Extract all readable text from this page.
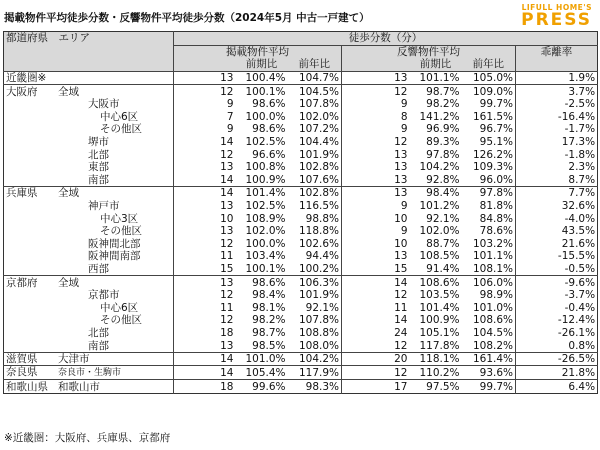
掲載物件平均徒歩分数・反響物件平均徒歩分数（2024年5月 中古一戸建て）
LIFULL HOME'S
PRESS
都道府県　エリア	徒歩分数（分）						
	掲載物件平均			反響物件平均			乖離率
		前期比	前年比		前期比	前年比	
近畿圏※	13	100.4%	104.7%	13	101.1%	105.0%	1.9%
大阪府 全域	12	100.1%	104.5%	12	98.7%	109.0%	3.7%
大阪市	9	98.6%	107.8%	9	98.2%	99.7%	-2.5%
中心6区	7	100.0%	102.0%	8	141.2%	161.5%	-16.4%
その他区	9	98.6%	107.2%	9	96.9%	96.7%	-1.7%
堺市	14	102.5%	104.4%	12	89.3%	95.1%	17.3%
北部	12	96.6%	101.9%	13	97.8%	126.2%	-1.8%
東部	13	100.8%	102.8%	13	104.2%	109.3%	2.3%
南部	14	100.9%	107.6%	13	92.8%	96.0%	8.7%
兵庫県 全域	14	101.4%	102.8%	13	98.4%	97.8%	7.7%
神戸市	13	102.5%	116.5%	9	101.2%	81.8%	32.6%
中心3区	10	108.9%	98.8%	10	92.1%	84.8%	-4.0%
その他区	13	102.0%	118.8%	9	102.0%	78.6%	43.5%
阪神間北部	12	100.0%	102.6%	10	88.7%	103.2%	21.6%
阪神間南部	11	103.4%	94.4%	13	108.5%	101.1%	-15.5%
西部	15	100.1%	100.2%	15	91.4%	108.1%	-0.5%
京都府 全域	13	98.6%	106.3%	14	108.6%	106.0%	-9.6%
京都市	12	98.4%	101.9%	12	103.5%	98.9%	-3.7%
中心6区	11	98.1%	92.1%	11	101.4%	101.0%	-0.4%
その他区	12	98.2%	107.8%	14	100.9%	108.6%	-12.4%
北部	18	98.7%	108.8%	24	105.1%	104.5%	-26.1%
南部	13	98.5%	108.0%	12	117.8%	108.2%	0.8%
滋賀県 大津市	14	101.0%	104.2%	20	118.1%	161.4%	-26.5%
奈良県 奈良市・生駒市	14	105.4%	117.9%	12	110.2%	93.6%	21.8%
和歌山県 和歌山市	18	99.6%	98.3%	17	97.5%	99.7%	6.4%
※近畿圏：大阪府、兵庫県、京都府
